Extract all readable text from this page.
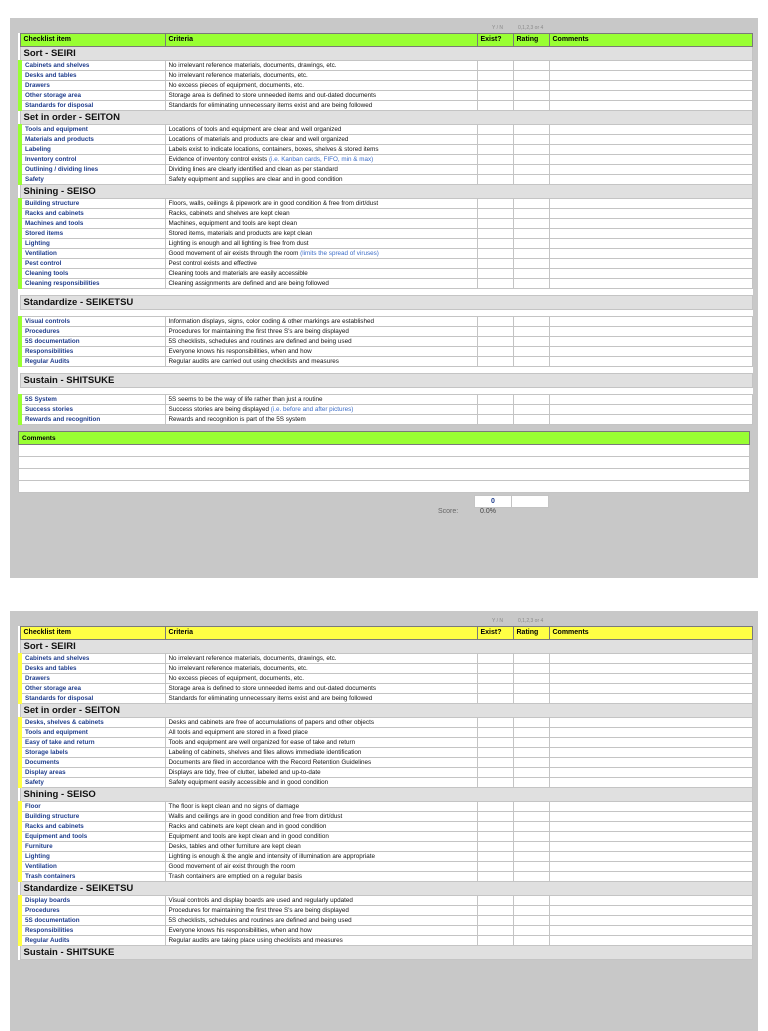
Y / N	0,1,2,3 or 4
Checklist item	Criteria	Exist?	Rating	Comments
Sort - SEIRI				
Cabinets and shelves	No irrelevant reference materials, documents, drawings, etc.			
Desks and tables	No irrelevant reference materials, documents, etc.			
Drawers	No excess pieces of equipment, documents, etc.			
Other storage area	Storage area is defined to store unneeded items and out-dated documents			
Standards for disposal	Standards for eliminating unnecessary items exist and are being followed			
Set in order - SEITON				
Tools and equipment	Locations of tools and equipment are clear and well organized			
Materials and products	Locations of materials and products are clear and well organized			
Labeling	Labels exist to indicate locations, containers, boxes, shelves & stored items			
Inventory control	Evidence of inventory control exists (i.e. Kanban cards, FIFO, min & max)			
Outlining / dividing lines	Dividing lines are clearly identified and clean as per standard			
Safety	Safety equipment and supplies are clear and in good condition			
Shining - SEISO				
Building structure	Floors, walls, ceilings & pipework are in good condition & free from dirt/dust			
Racks and cabinets	Racks, cabinets and shelves are kept clean			
Machines and tools	Machines, equipment and tools are kept clean			
Stored items	Stored items, materials and products are kept clean			
Lighting	Lighting is enough and all lighting is free from dust			
Ventilation	Good movement of air exists through the room (limits the spread of viruses)			
Pest control	Pest control exists and effective			
Cleaning tools	Cleaning tools and materials are easily accessible			
Cleaning responsibilities	Cleaning assignments are defined and are being followed			

Standardize - SEIKETSU				

Visual controls	Information displays, signs, color coding & other markings are established			
Procedures	Procedures for maintaining the first three S's are being displayed			
5S documentation	5S checklists, schedules and routines are defined and being used			
Responsibilities	Everyone knows his responsibilities, when and how			
Regular Audits	Regular audits are carried out using checklists and measures			

Sustain - SHITSUKE				

5S System	5S seems to be the way of life rather than just a routine			
Success stories	Success stories are being displayed (i.e. before and after pictures)			
Rewards and recognition	Rewards and recognition is part of the 5S system			
Comments

0
Score:	0.0%
Y / N	0,1,2,3 or 4
Checklist item	Criteria	Exist?	Rating	Comments
Sort - SEIRI				
Cabinets and shelves	No irrelevant reference materials, documents, drawings, etc.			
Desks and tables	No irrelevant reference materials, documents, etc.			
Drawers	No excess pieces of equipment, documents, etc.			
Other storage area	Storage area is defined to store unneeded items and out-dated documents			
Standards for disposal	Standards for eliminating unnecessary items exist and are being followed			
Set in order - SEITON				
Desks, shelves & cabinets	Desks and cabinets are free of accumulations of papers and other objects			
Tools and equipment	All tools and equipment are stored in a fixed place			
Easy of take and return	Tools and equipment are well organized for ease of take and return			
Storage labels	Labeling of cabinets, shelves and files allows immediate identification			
Documents	Documents are filed in accordance with the Record Retention Guidelines			
Display areas	Displays are tidy, free of clutter, labeled and up-to-date			
Safety	Safety equipment easily accessible and in good condition			
Shining - SEISO				
Floor	The floor is kept clean and no signs of damage			
Building structure	Walls and ceilings are in good condition and free from dirt/dust			
Racks and cabinets	Racks and cabinets are kept clean and in good condition			
Equipment and tools	Equipment and tools are kept clean and in good condition			
Furniture	Desks, tables and other furniture are kept clean			
Lighting	Lighting is enough & the angle and intensity of illumination are appropriate			
Ventilation	Good movement of air exist through the room			
Trash containers	Trash containers are emptied on a regular basis			
Standardize - SEIKETSU				
Display boards	Visual controls and display boards are used and regularly updated			
Procedures	Procedures for maintaining the first three S's are being displayed			
5S documentation	5S checklists, schedules and routines are defined and being used			
Responsibilities	Everyone knows his responsibilities, when and how			
Regular Audits	Regular audits are taking place using checklists and measures			
Sustain - SHITSUKE				
